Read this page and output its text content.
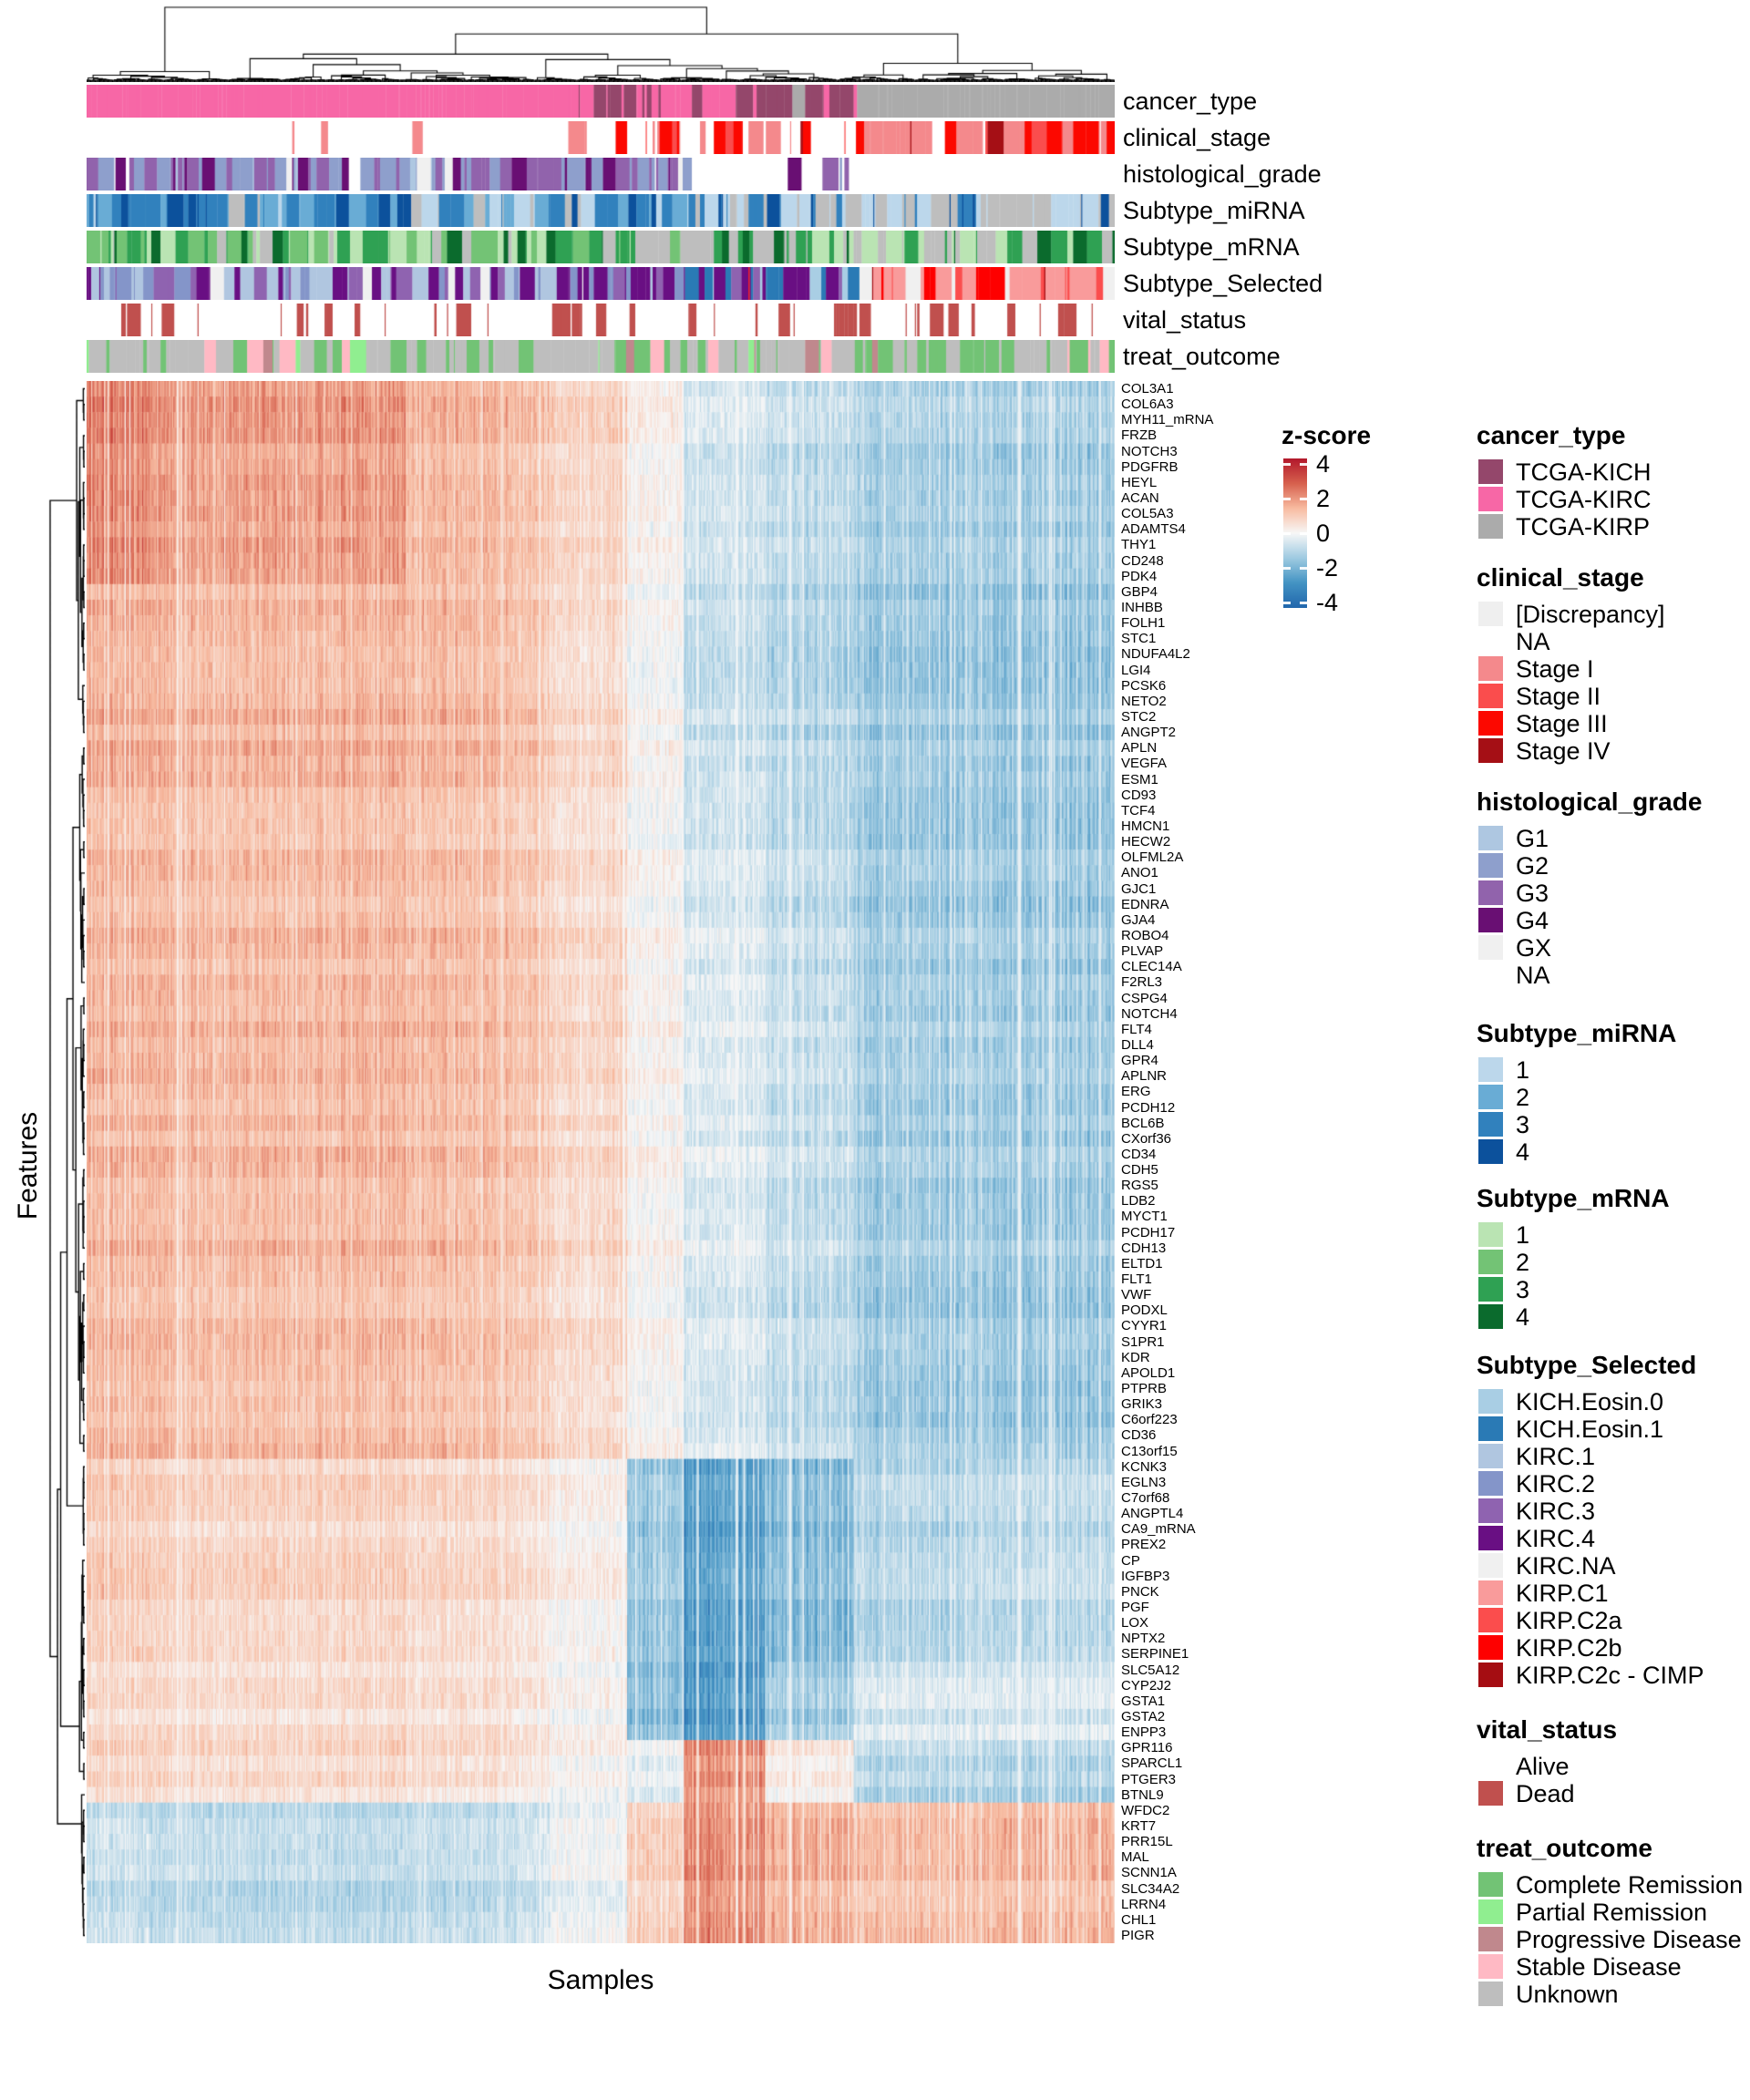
cancer_type
clinical_stage
histological_grade
Subtype_miRNA
Subtype_mRNA
Subtype_Selected
vital_status
treat_outcome
COL3A1
COL6A3
MYH11_mRNA
FRZB
NOTCH3
PDGFRB
HEYL
ACAN
COL5A3
ADAMTS4
THY1
CD248
PDK4
GBP4
INHBB
FOLH1
STC1
NDUFA4L2
LGI4
PCSK6
NETO2
STC2
ANGPT2
APLN
VEGFA
ESM1
CD93
TCF4
HMCN1
HECW2
OLFML2A
ANO1
GJC1
EDNRA
GJA4
ROBO4
PLVAP
CLEC14A
F2RL3
CSPG4
NOTCH4
FLT4
DLL4
GPR4
APLNR
ERG
PCDH12
BCL6B
CXorf36
CD34
CDH5
RGS5
LDB2
MYCT1
PCDH17
CDH13
ELTD1
FLT1
VWF
PODXL
CYYR1
S1PR1
KDR
APOLD1
PTPRB
GRIK3
C6orf223
CD36
C13orf15
KCNK3
EGLN3
C7orf68
ANGPTL4
CA9_mRNA
PREX2
CP
IGFBP3
PNCK
PGF
LOX
NPTX2
SERPINE1
SLC5A12
CYP2J2
GSTA1
GSTA2
ENPP3
GPR116
SPARCL1
PTGER3
BTNL9
WFDC2
KRT7
PRR15L
MAL
SCNN1A
SLC34A2
LRRN4
CHL1
PIGR
Features
Samples
z-score
4
2
0
-2
-4
cancer_type
TCGA-KICH
TCGA-KIRC
TCGA-KIRP
clinical_stage
[Discrepancy]
NA
Stage I
Stage II
Stage III
Stage IV
histological_grade
G1
G2
G3
G4
GX
NA
Subtype_miRNA
1
2
3
4
Subtype_mRNA
1
2
3
4
Subtype_Selected
KICH.Eosin.0
KICH.Eosin.1
KIRC.1
KIRC.2
KIRC.3
KIRC.4
KIRC.NA
KIRP.C1
KIRP.C2a
KIRP.C2b
KIRP.C2c - CIMP
vital_status
Alive
Dead
treat_outcome
Complete Remission
Partial Remission
Progressive Disease
Stable Disease
Unknown
